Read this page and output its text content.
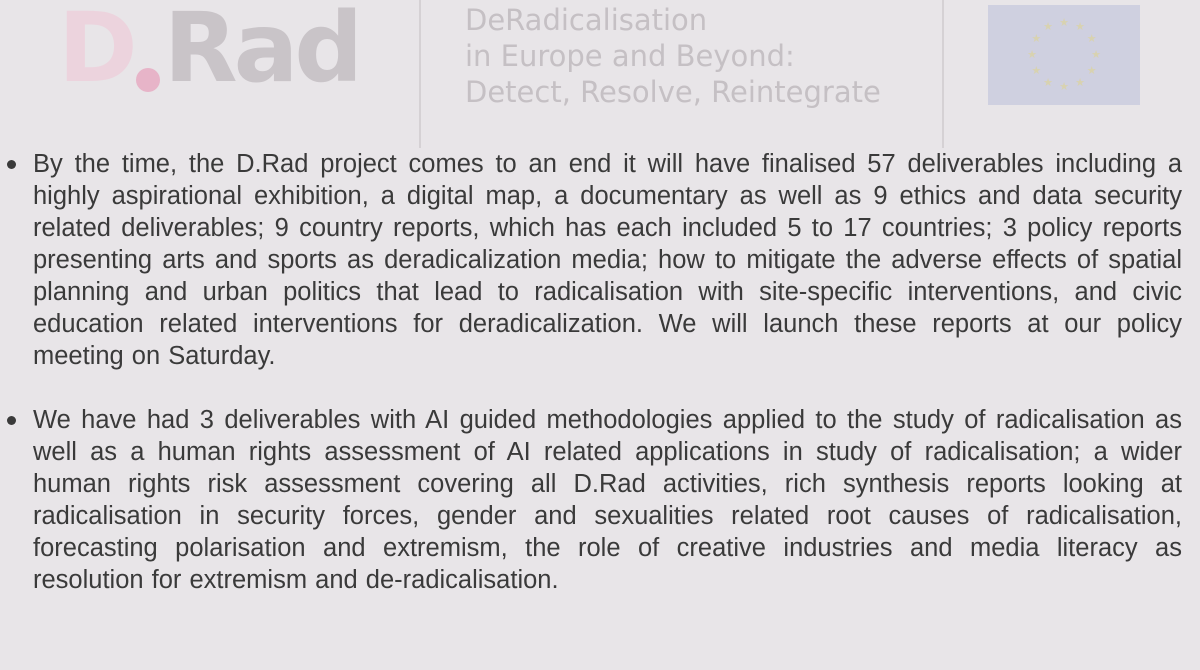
D Rad	DeRadicalisation
in Europe and Beyond:
Detect, Resolve, Reintegrate
★ ★
★
★
★
★
★
★
★
★
★
★
By the time, the D.Rad project comes to an end it will have finalised 57 deliverables including a highly aspirational exhibition, a digital map, a documentary as well as 9 ethics and data security related deliverables; 9 country reports, which has each included 5 to 17 countries; 3 policy reports presenting arts and sports as deradicalization media; how to mitigate the adverse effects of spatial planning and urban politics that lead to radicalisation with site-specific interventions, and civic education related interventions for deradicalization. We will launch these reports at our policy meeting on Saturday.
We have had 3 deliverables with AI guided methodologies applied to the study of radicalisation as well as a human rights assessment of AI related applications in study of radicalisation; a wider human rights risk assessment covering all D.Rad activities, rich synthesis reports looking at radicalisation in security forces, gender and sexualities related root causes of radicalisation, forecasting polarisation and extremism, the role of creative industries and media literacy as resolution for extremism and de-radicalisation.
